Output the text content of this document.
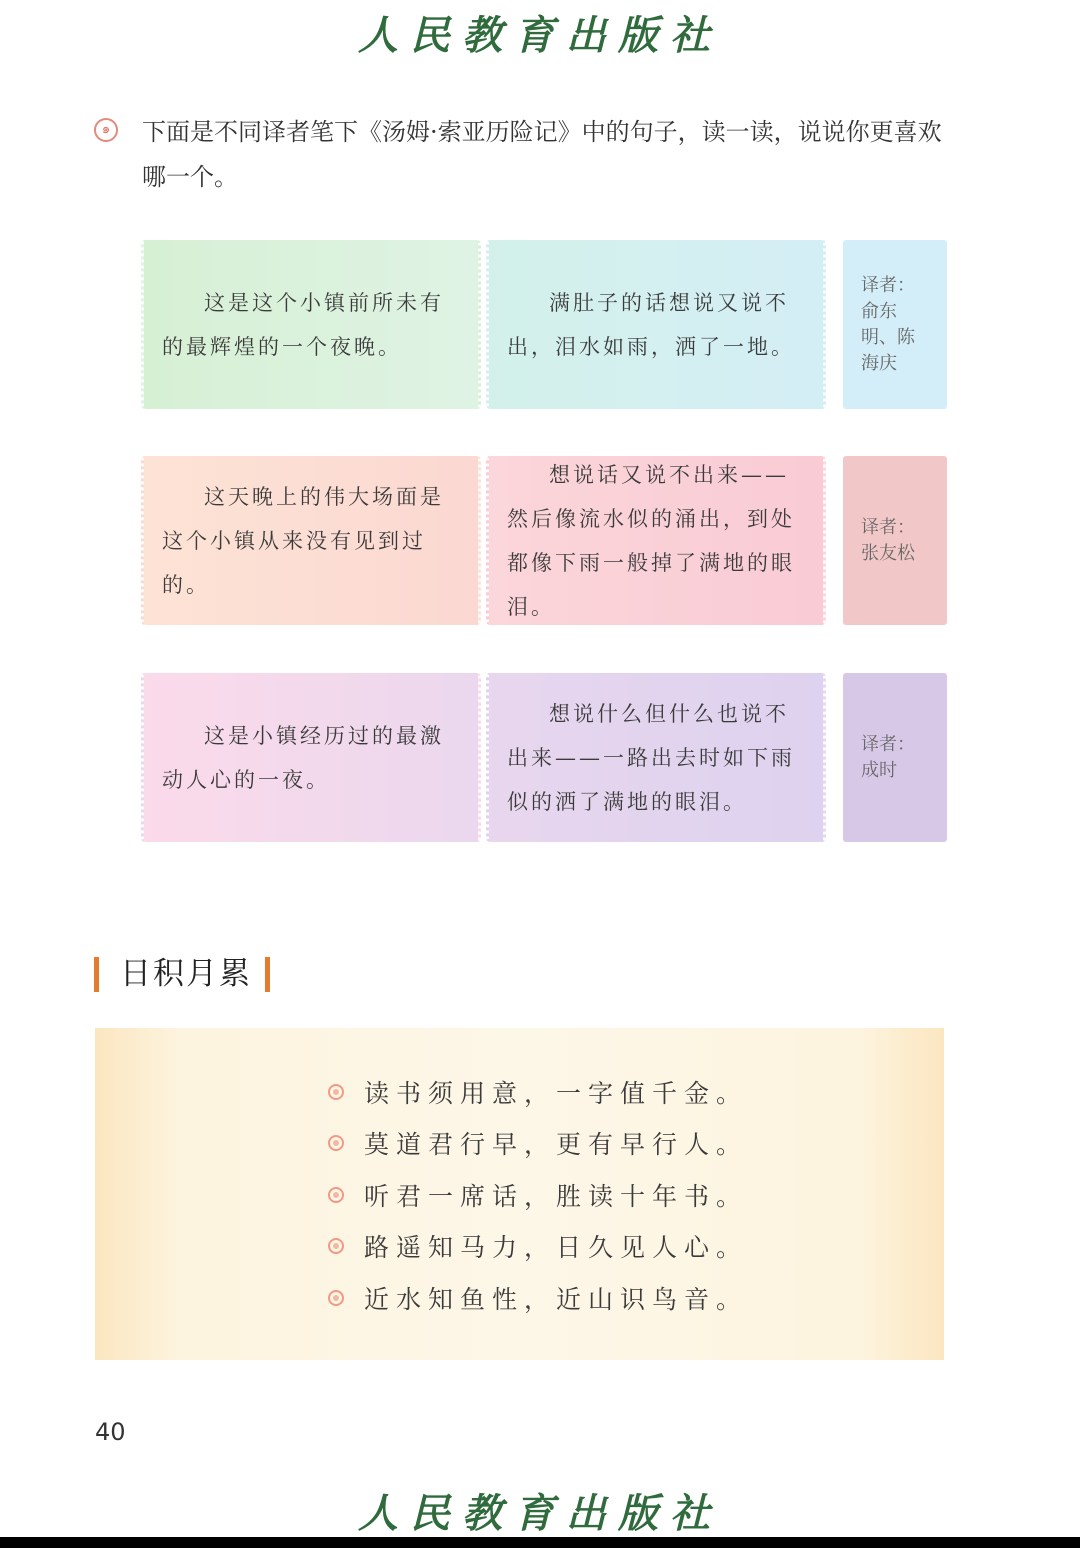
人民教育出版社
๑	下面是不同译者笔下《汤姆·索亚历险记》中的句子，读一读，说说你更喜欢哪一个。
这是这个小镇前所未有的最辉煌的一个夜晚。
满肚子的话想说又说不出，泪水如雨，洒了一地。
译者：
俞东明、陈海庆
这天晚上的伟大场面是这个小镇从来没有见到过的。
想说话又说不出来——然后像流水似的涌出，到处都像下雨一般掉了满地的眼泪。
译者：
张友松
这是小镇经历过的最激动人心的一夜。
想说什么但什么也说不出来——一路出去时如下雨似的洒了满地的眼泪。
译者：
成时
日积月累
读书须用意，一字值千金。
莫道君行早，更有早行人。
听君一席话，胜读十年书。
路遥知马力，日久见人心。
近水知鱼性，近山识鸟音。
40
人民教育出版社
